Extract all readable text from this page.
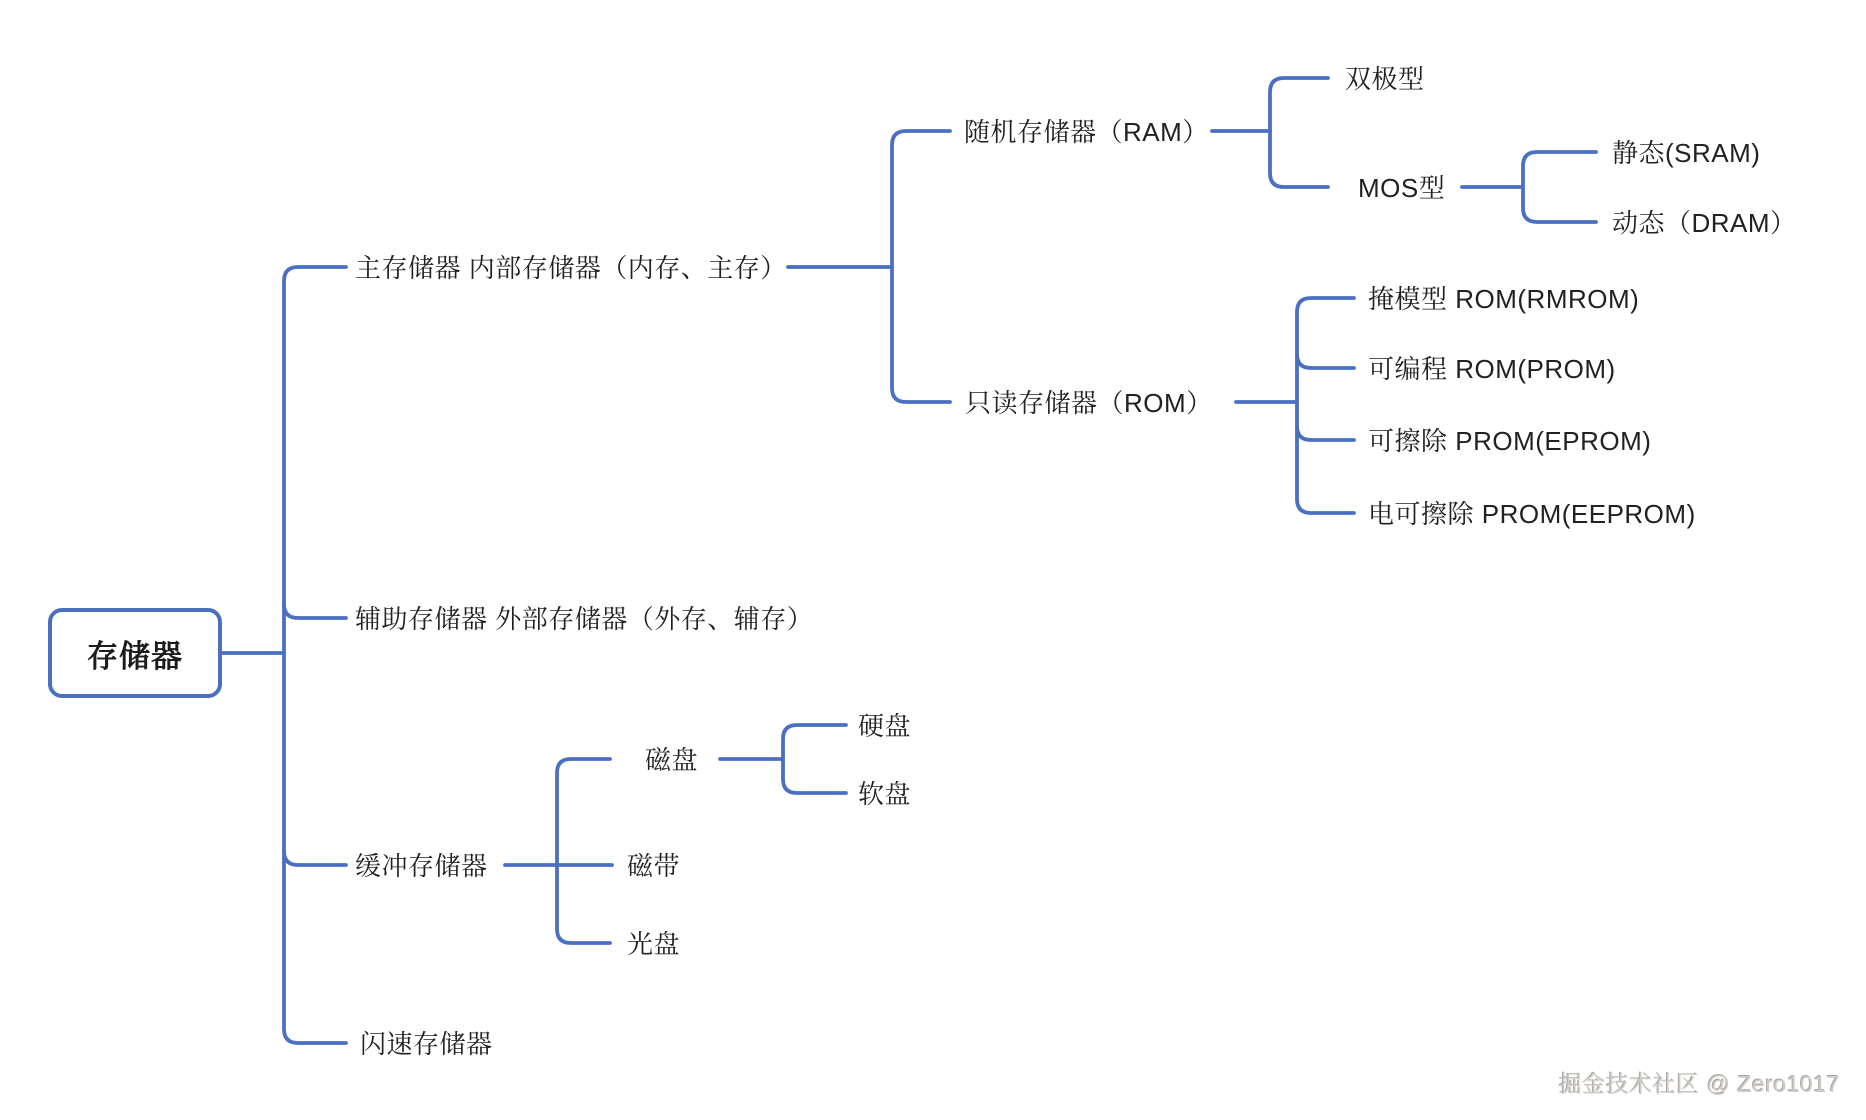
存储器
主存储器 内部存储器（内存、主存）
辅助存储器 外部存储器（外存、辅存）
缓冲存储器
闪速存储器
随机存储器（RAM）
双极型
MOS型
静态(SRAM)
动态（DRAM）
只读存储器（ROM）
掩模型 ROM(RMROM)
可编程 ROM(PROM)
可擦除 PROM(EPROM)
电可擦除 PROM(EEPROM)
磁盘
硬盘
软盘
磁带
光盘
掘金技术社区 @ Zero1017
